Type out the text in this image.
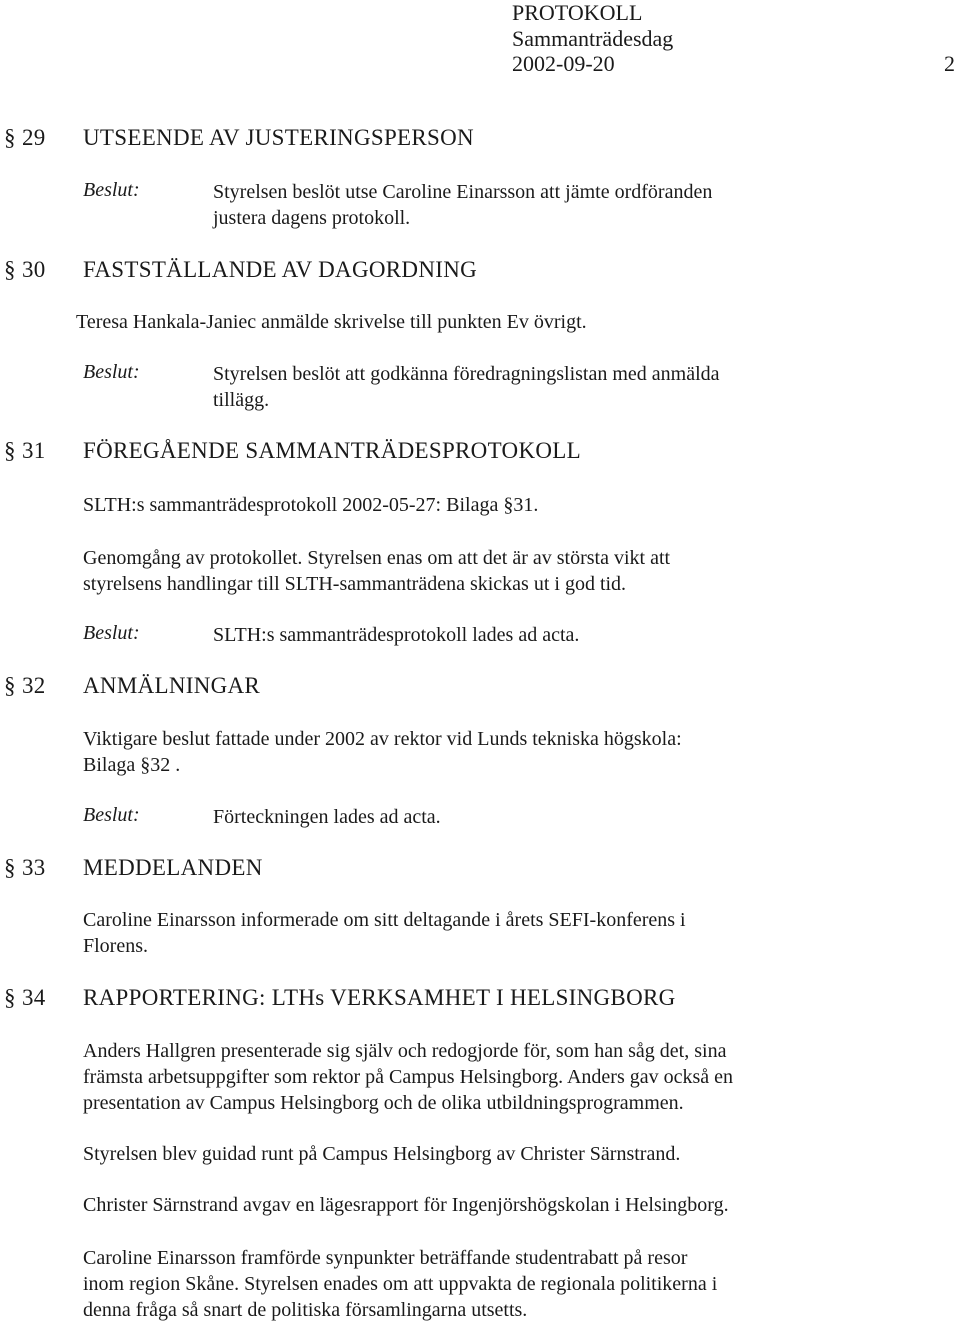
PROTOKOLL
Sammanträdesdag
2002-09-20	2
§ 29 UTSEENDE AV JUSTERINGSPERSON
Beslut:	Styrelsen beslöt utse Caroline Einarsson att jämte ordföranden
justera dagens protokoll.
§ 30 FASTSTÄLLANDE AV DAGORDNING
Teresa Hankala-Janiec anmälde skrivelse till punkten Ev övrigt.
Beslut:	Styrelsen beslöt att godkänna föredragningslistan med anmälda
tillägg.
§ 31 FÖREGÅENDE SAMMANTRÄDESPROTOKOLL
SLTH:s sammanträdesprotokoll 2002-05-27: Bilaga §31.
Genomgång av protokollet. Styrelsen enas om att det är av största vikt att
styrelsens handlingar till SLTH-sammanträdena skickas ut i god tid.
Beslut:	SLTH:s sammanträdesprotokoll lades ad acta.
§ 32 ANMÄLNINGAR
Viktigare beslut fattade under 2002 av rektor vid Lunds tekniska högskola:
Bilaga §32 .
Beslut:	Förteckningen lades ad acta.
§ 33 MEDDELANDEN
Caroline Einarsson informerade om sitt deltagande i årets SEFI-konferens i
Florens.
§ 34 RAPPORTERING: LTHs VERKSAMHET I HELSINGBORG
Anders Hallgren presenterade sig själv och redogjorde för, som han såg det, sina
främsta arbetsuppgifter som rektor på Campus Helsingborg. Anders gav också en
presentation av Campus Helsingborg och de olika utbildningsprogrammen.
Styrelsen blev guidad runt på Campus Helsingborg av Christer Särnstrand.
Christer Särnstrand avgav en lägesrapport för Ingenjörshögskolan i Helsingborg.
Caroline Einarsson framförde synpunkter beträffande studentrabatt på resor
inom region Skåne. Styrelsen enades om att uppvakta de regionala politikerna i
denna fråga så snart de politiska församlingarna utsetts.
